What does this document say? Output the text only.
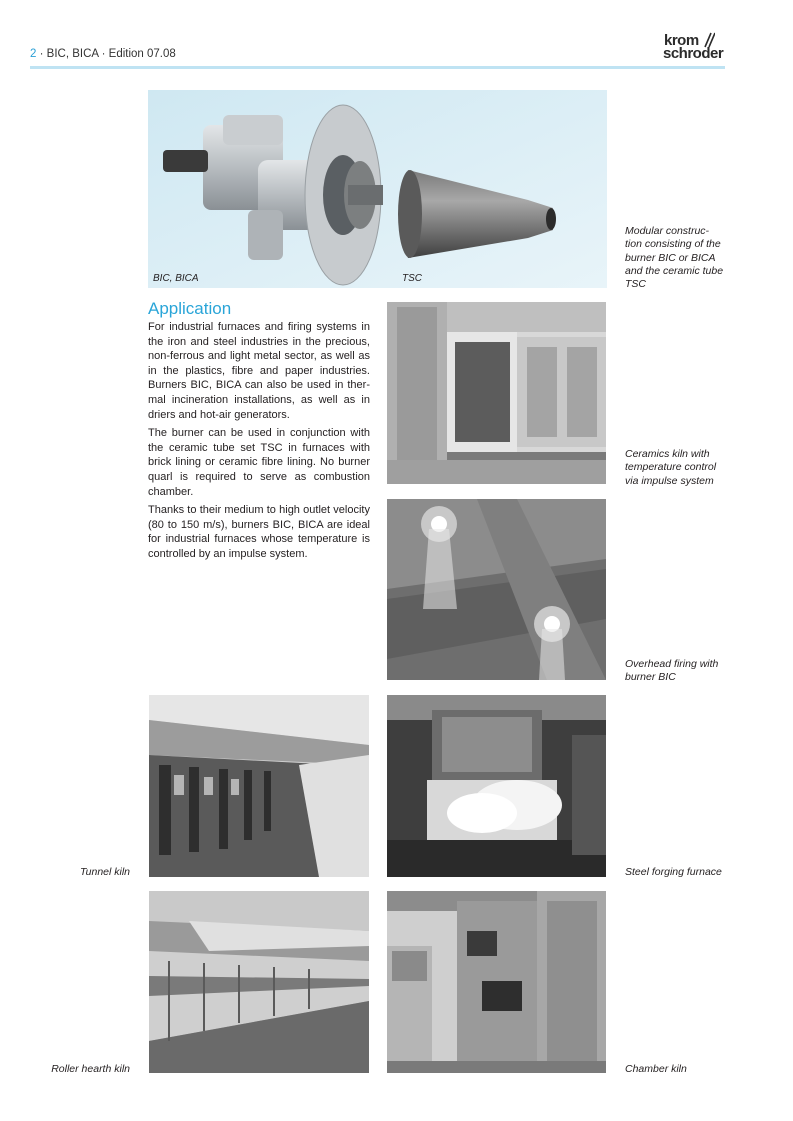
2 · BIC, BICA · Edition 07.08
krom
schroder
BIC, BICA	TSC
Modular construc- tion consisting of the burner BIC or BICA and the ceramic tube TSC
Application

For industrial furnaces and firing systems in the iron and steel industries in the precious, non-ferrous and light metal sector, as well as in the plastics, fibre and paper industries. Burners BIC, BICA can also be used in ther- mal incineration installations, as well as in driers and hot-air generators.

The burner can be used in conjunction with the ceramic tube set TSC in furnaces with brick lining or ceramic fibre lining. No burner quarl is required to serve as combustion chamber.

Thanks to their medium to high outlet velocity (80 to 150 m/s), burners BIC, BICA are ideal for industrial furnaces whose temperature is controlled by an impulse system.

Ceramics kiln with temperature control via impulse system
Overhead firing with burner BIC
Tunnel kiln	Steel forging furnace
Roller hearth kiln	Chamber kiln
